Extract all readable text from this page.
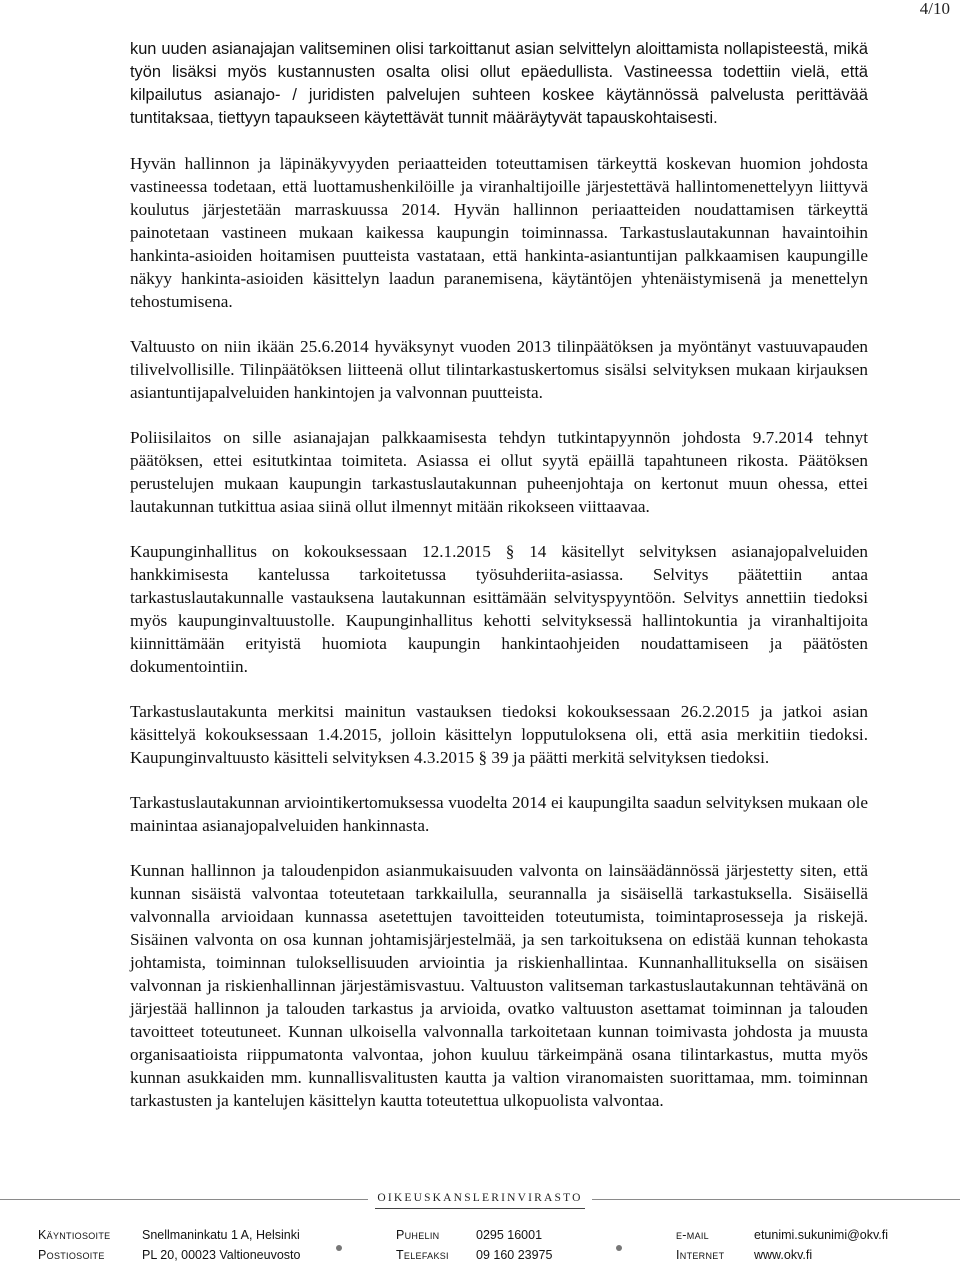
4/10

kun uuden asianajajan valitseminen olisi tarkoittanut asian selvittelyn aloittamista nollapisteestä, mikä työn lisäksi myös kustannusten osalta olisi ollut epäedullista. Vastineessa todettiin vielä, että kilpailutus asianajo- / juridisten palvelujen suhteen koskee käytännössä palvelusta perittävää tuntitaksaa, tiettyyn tapaukseen käytettävät tunnit määräytyvät tapauskohtaisesti.

Hyvän hallinnon ja läpinäkyvyyden periaatteiden toteuttamisen tärkeyttä koskevan huomion johdosta vastineessa todetaan, että luottamushenkilöille ja viranhaltijoille järjestettävä hallintomenettelyyn liittyvä koulutus järjestetään marraskuussa 2014. Hyvän hallinnon periaatteiden noudattamisen tärkeyttä painotetaan vastineen mukaan kaikessa kaupungin toiminnassa. Tarkastuslautakunnan havaintoihin hankinta-asioiden hoitamisen puutteista vastataan, että hankinta-asiantuntijan palkkaamisen kaupungille näkyy hankinta-asioiden käsittelyn laadun paranemisena, käytäntöjen yhtenäistymisenä ja menettelyn tehostumisena.

Valtuusto on niin ikään 25.6.2014 hyväksynyt vuoden 2013 tilinpäätöksen ja myöntänyt vastuuvapauden tilivelvollisille. Tilinpäätöksen liitteenä ollut tilintarkastuskertomus sisälsi selvityksen mukaan kirjauksen asiantuntijapalveluiden hankintojen ja valvonnan puutteista.

Poliisilaitos on sille asianajajan palkkaamisesta tehdyn tutkintapyynnön johdosta 9.7.2014 tehnyt päätöksen, ettei esitutkintaa toimiteta. Asiassa ei ollut syytä epäillä tapahtuneen rikosta. Päätöksen perustelujen mukaan kaupungin tarkastuslautakunnan puheenjohtaja on kertonut muun ohessa, ettei lautakunnan tutkittua asiaa siinä ollut ilmennyt mitään rikokseen viittaavaa.

Kaupunginhallitus on kokouksessaan 12.1.2015 § 14 käsitellyt selvityksen asianajopalveluiden hankkimisesta kantelussa tarkoitetussa työsuhderiita-asiassa. Selvitys päätettiin antaa tarkastuslautakunnalle vastauksena lautakunnan esittämään selvityspyyntöön. Selvitys annettiin tiedoksi myös kaupunginvaltuustolle. Kaupunginhallitus kehotti selvityksessä hallintokuntia ja viranhaltijoita kiinnittämään erityistä huomiota kaupungin hankintaohjeiden noudattamiseen ja päätösten dokumentointiin.

Tarkastuslautakunta merkitsi mainitun vastauksen tiedoksi kokouksessaan 26.2.2015 ja jatkoi asian käsittelyä kokouksessaan 1.4.2015, jolloin käsittelyn lopputuloksena oli, että asia merkitiin tiedoksi. Kaupunginvaltuusto käsitteli selvityksen 4.3.2015 § 39 ja päätti merkitä selvityksen tiedoksi.

Tarkastuslautakunnan arviointikertomuksessa vuodelta 2014 ei kaupungilta saadun selvityksen mukaan ole mainintaa asianajopalveluiden hankinnasta.

Kunnan hallinnon ja taloudenpidon asianmukaisuuden valvonta on lainsäädännössä järjestetty siten, että kunnan sisäistä valvontaa toteutetaan tarkkailulla, seurannalla ja sisäisellä tarkastuksella. Sisäisellä valvonnalla arvioidaan kunnassa asetettujen tavoitteiden toteutumista, toimintaprosesseja ja riskejä. Sisäinen valvonta on osa kunnan johtamisjärjestelmää, ja sen tarkoituksena on edistää kunnan tehokasta johtamista, toiminnan tuloksellisuuden arviointia ja riskienhallintaa. Kunnanhallituksella on sisäisen valvonnan ja riskienhallinnan järjestämisvastuu. Valtuuston valitseman tarkastuslautakunnan tehtävänä on järjestää hallinnon ja talouden tarkastus ja arvioida, ovatko valtuuston asettamat toiminnan ja talouden tavoitteet toteutuneet. Kunnan ulkoisella valvonnalla tarkoitetaan kunnan toimivasta johdosta ja muusta organisaatioista riippumatonta valvontaa, johon kuuluu tärkeimpänä osana tilintarkastus, mutta myös kunnan asukkaiden mm. kunnallisvalitusten kautta ja valtion viranomaisten suorittamaa, mm. toiminnan tarkastusten ja kantelujen käsittelyn kautta toteutettua ulkopuolista valvontaa.

OIKEUSKANSLERINVIRASTO
Käyntiosoite	Snellmaninkatu 1 A, Helsinki	Puhelin	0295 16001	e-mail	etunimi.sukunimi@okv.fi
Postiosoite	PL 20, 00023 Valtioneuvosto	Telefaksi 09 160 23975	Internet www.okv.fi
